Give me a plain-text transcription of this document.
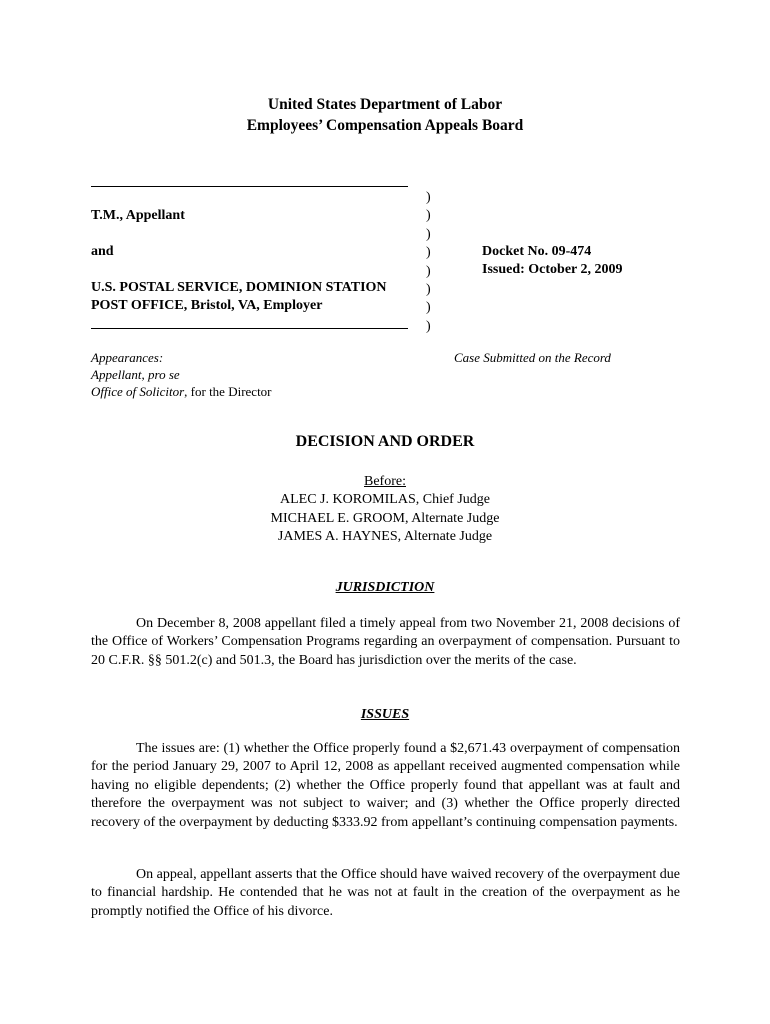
United States Department of Labor
Employees’ Compensation Appeals Board
T.M., Appellant
and
U.S. POSTAL SERVICE, DOMINION STATION
POST OFFICE, Bristol, VA, Employer
)
)
)
)
)
)
)
)
Docket No. 09-474
Issued: October 2, 2009
Appearances:
Appellant, pro se
Office of Solicitor, for the Director
Case Submitted on the Record
DECISION AND ORDER
Before:
ALEC J. KOROMILAS, Chief Judge
MICHAEL E. GROOM, Alternate Judge
JAMES A. HAYNES, Alternate Judge
JURISDICTION
On December 8, 2008 appellant filed a timely appeal from two November 21, 2008 decisions of the Office of Workers’ Compensation Programs regarding an overpayment of compensation. Pursuant to 20 C.F.R. §§ 501.2(c) and 501.3, the Board has jurisdiction over the merits of the case.
ISSUES
The issues are: (1) whether the Office properly found a $2,671.43 overpayment of compensation for the period January 29, 2007 to April 12, 2008 as appellant received augmented compensation while having no eligible dependents; (2) whether the Office properly found that appellant was at fault and therefore the overpayment was not subject to waiver; and (3) whether the Office properly directed recovery of the overpayment by deducting $333.92 from appellant’s continuing compensation payments.
On appeal, appellant asserts that the Office should have waived recovery of the overpayment due to financial hardship. He contended that he was not at fault in the creation of the overpayment as he promptly notified the Office of his divorce.
